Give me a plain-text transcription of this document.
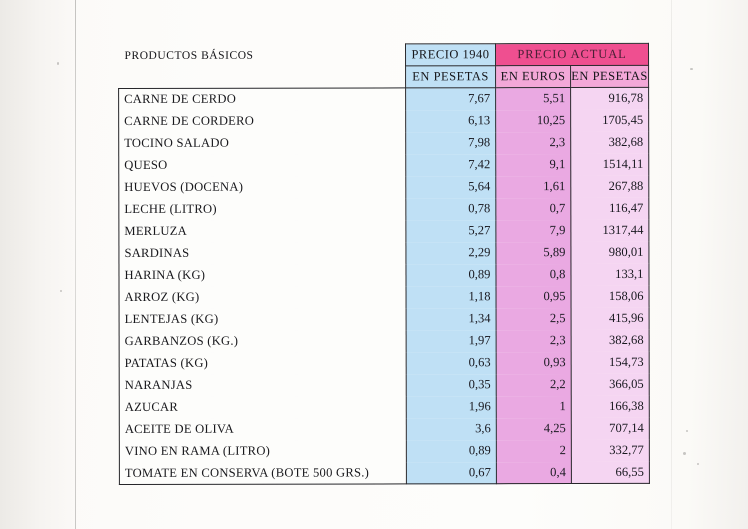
PRODUCTOS BÁSICOS	PRECIO 1940	PRECIO ACTUAL	
	EN PESETAS	EN EUROS	EN PESETAS
CARNE DE CERDO	7,67	5,51	916,78
CARNE DE CORDERO	6,13	10,25	1705,45
TOCINO SALADO	7,98	2,3	382,68
QUESO	7,42	9,1	1514,11
HUEVOS (DOCENA)	5,64	1,61	267,88
LECHE (LITRO)	0,78	0,7	116,47
MERLUZA	5,27	7,9	1317,44
SARDINAS	2,29	5,89	980,01
HARINA (KG)	0,89	0,8	133,1
ARROZ (KG)	1,18	0,95	158,06
LENTEJAS (KG)	1,34	2,5	415,96
GARBANZOS (KG.)	1,97	2,3	382,68
PATATAS (KG)	0,63	0,93	154,73
NARANJAS	0,35	2,2	366,05
AZUCAR	1,96	1	166,38
ACEITE DE OLIVA	3,6	4,25	707,14
VINO EN RAMA (LITRO)	0,89	2	332,77
TOMATE EN CONSERVA (BOTE 500 GRS.)	0,67	0,4	66,55
